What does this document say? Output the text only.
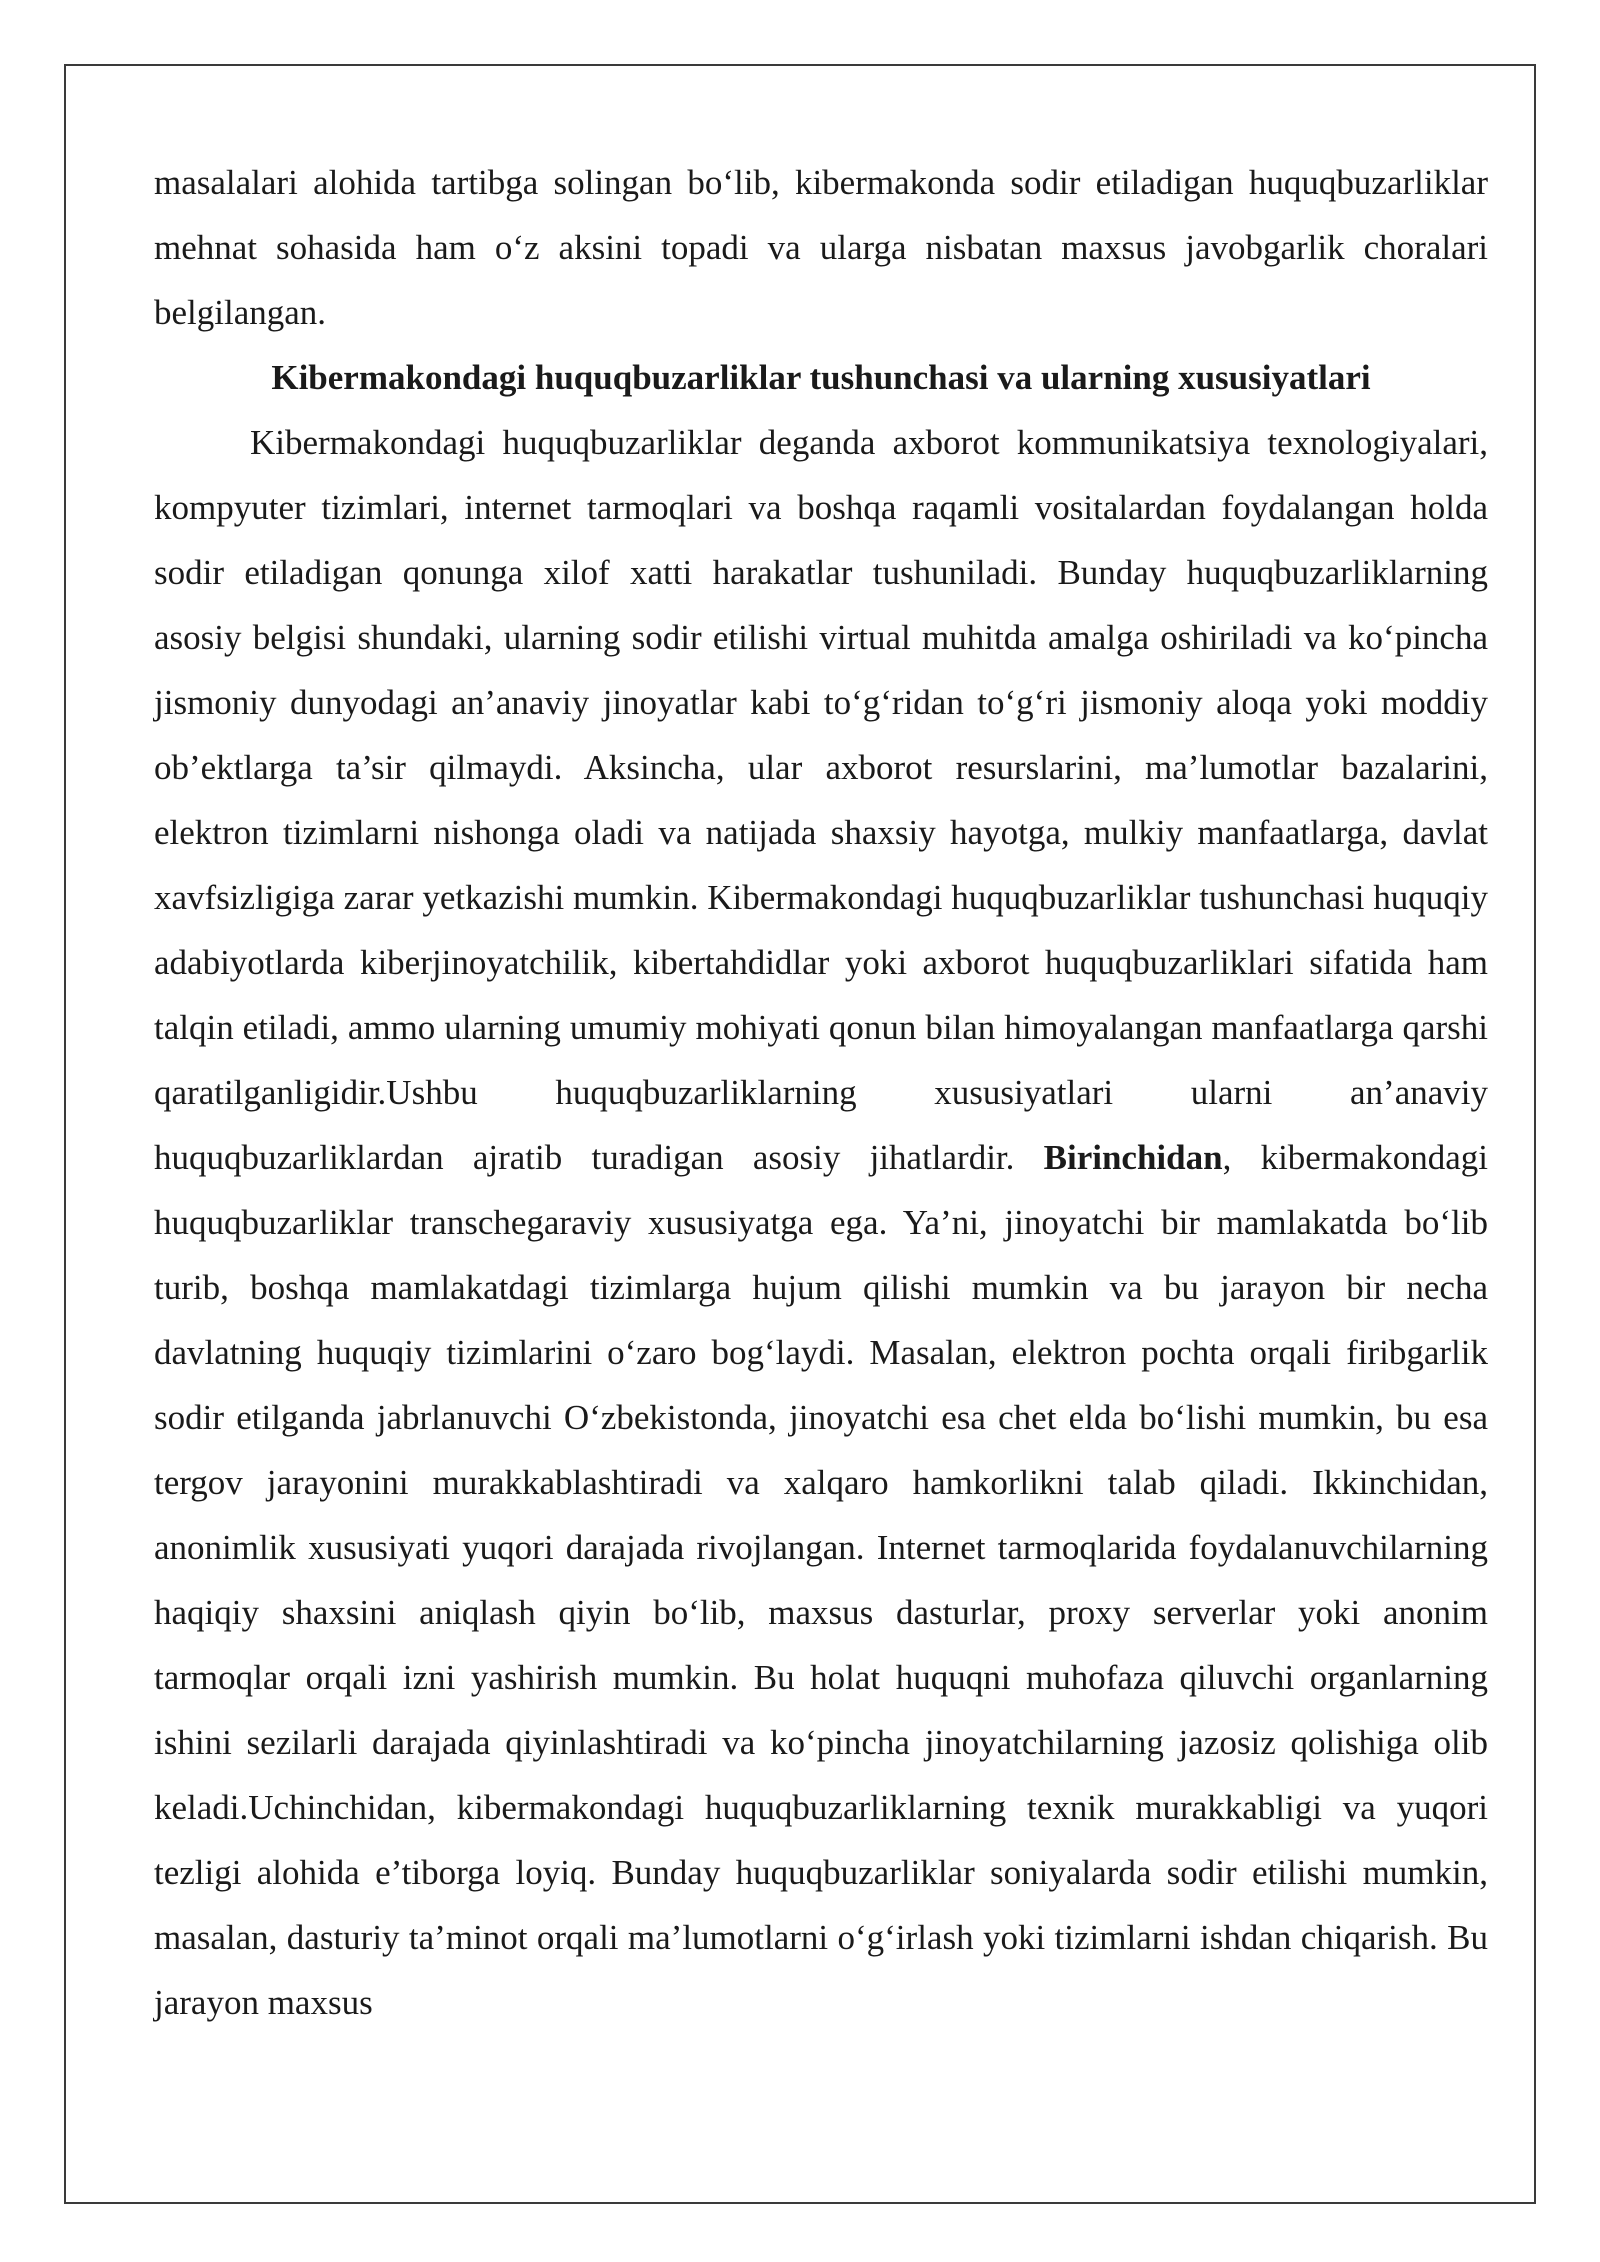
masalalari alohida tartibga solingan bo‘lib, kibermakonda sodir etiladigan huquqbuzarliklar mehnat sohasida ham o‘z aksini topadi va ularga nisbatan maxsus javobgarlik choralari belgilangan.

Kibermakondagi huquqbuzarliklar tushunchasi va ularning xususiyatlari

Kibermakondagi huquqbuzarliklar deganda axborot kommunikatsiya texnologiyalari, kompyuter tizimlari, internet tarmoqlari va boshqa raqamli vositalardan foydalangan holda sodir etiladigan qonunga xilof xatti harakatlar tushuniladi. Bunday huquqbuzarliklarning asosiy belgisi shundaki, ularning sodir etilishi virtual muhitda amalga oshiriladi va ko‘pincha jismoniy dunyodagi an’anaviy jinoyatlar kabi to‘g‘ridan to‘g‘ri jismoniy aloqa yoki moddiy ob’ektlarga ta’sir qilmaydi. Aksincha, ular axborot resurslarini, ma’lumotlar bazalarini, elektron tizimlarni nishonga oladi va natijada shaxsiy hayotga, mulkiy manfaatlarga, davlat xavfsizligiga zarar yetkazishi mumkin. Kibermakondagi huquqbuzarliklar tushunchasi huquqiy adabiyotlarda kiberjinoyatchilik, kibertahdidlar yoki axborot huquqbuzarliklari sifatida ham talqin etiladi, ammo ularning umumiy mohiyati qonun bilan himoyalangan manfaatlarga qarshi qaratilganligidir.Ushbu huquqbuzarliklarning xususiyatlari ularni an’anaviy huquqbuzarliklardan ajratib turadigan asosiy jihatlardir. Birinchidan, kibermakondagi huquqbuzarliklar transchegaraviy xususiyatga ega. Ya’ni, jinoyatchi bir mamlakatda bo‘lib turib, boshqa mamlakatdagi tizimlarga hujum qilishi mumkin va bu jarayon bir necha davlatning huquqiy tizimlarini o‘zaro bog‘laydi. Masalan, elektron pochta orqali firibgarlik sodir etilganda jabrlanuvchi O‘zbekistonda, jinoyatchi esa chet elda bo‘lishi mumkin, bu esa tergov jarayonini murakkablashtiradi va xalqaro hamkorlikni talab qiladi. Ikkinchidan, anonimlik xususiyati yuqori darajada rivojlangan. Internet tarmoqlarida foydalanuvchilarning haqiqiy shaxsini aniqlash qiyin bo‘lib, maxsus dasturlar, proxy serverlar yoki anonim tarmoqlar orqali izni yashirish mumkin. Bu holat huquqni muhofaza qiluvchi organlarning ishini sezilarli darajada qiyinlashtiradi va ko‘pincha jinoyatchilarning jazosiz qolishiga olib keladi.Uchinchidan, kibermakondagi huquqbuzarliklarning texnik murakkabligi va yuqori tezligi alohida e’tiborga loyiq. Bunday huquqbuzarliklar soniyalarda sodir etilishi mumkin, masalan, dasturiy ta’minot orqali ma’lumotlarni o‘g‘irlash yoki tizimlarni ishdan chiqarish. Bu jarayon maxsus
